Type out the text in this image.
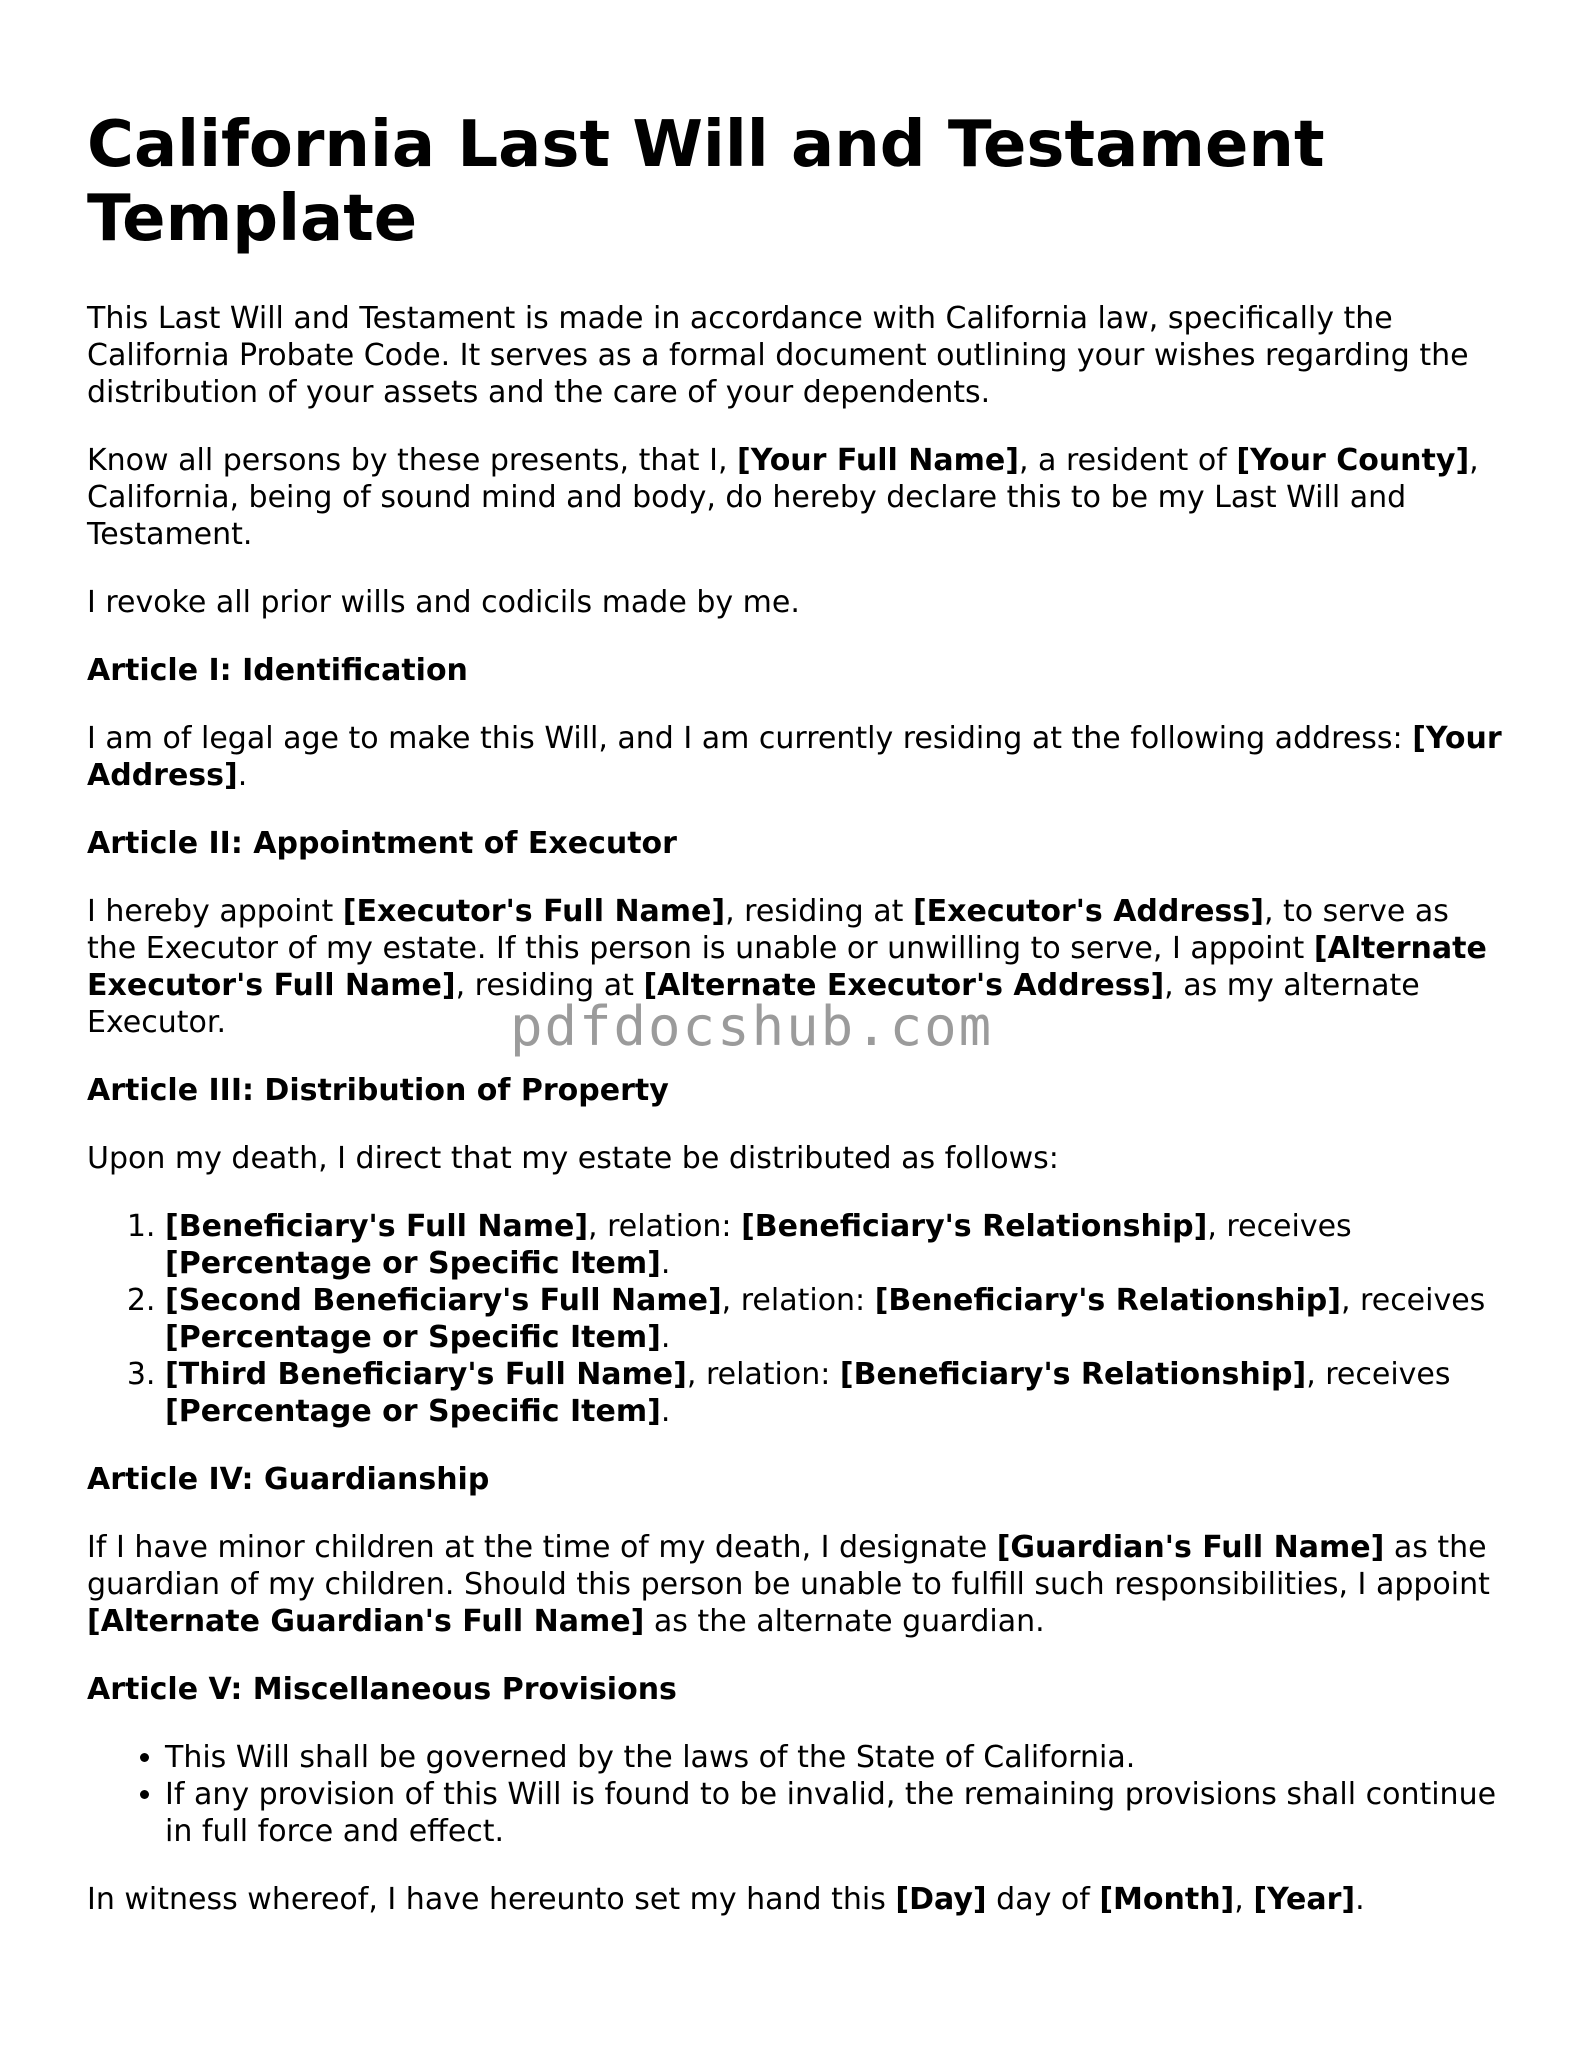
California Last Will and Testament Template

This Last Will and Testament is made in accordance with California law, specifically the California Probate Code. It serves as a formal document outlining your wishes regarding the distribution of your assets and the care of your dependents.

Know all persons by these presents, that I, [Your Full Name], a resident of [Your County], California, being of sound mind and body, do hereby declare this to be my Last Will and Testament.

I revoke all prior wills and codicils made by me.

Article I: Identification

I am of legal age to make this Will, and I am currently residing at the following address: [Your Address].

Article II: Appointment of Executor

I hereby appoint [Executor's Full Name], residing at [Executor's Address], to serve as the Executor of my estate. If this person is unable or unwilling to serve, I appoint [Alternate Executor's Full Name], residing at [Alternate Executor's Address], as my alternate Executor.

Article III: Distribution of Property

Upon my death, I direct that my estate be distributed as follows:

1. [Beneficiary's Full Name], relation: [Beneficiary's Relationship], receives [Percentage or Specific Item].
2. [Second Beneficiary's Full Name], relation: [Beneficiary's Relationship], receives [Percentage or Specific Item].
3. [Third Beneficiary's Full Name], relation: [Beneficiary's Relationship], receives [Percentage or Specific Item].
Article IV: Guardianship

If I have minor children at the time of my death, I designate [Guardian's Full Name] as the guardian of my children. Should this person be unable to fulfill such responsibilities, I appoint [Alternate Guardian's Full Name] as the alternate guardian.

Article V: Miscellaneous Provisions
• This Will shall be governed by the laws of the State of California.
• If any provision of this Will is found to be invalid, the remaining provisions shall continue in full force and effect.

In witness whereof, I have hereunto set my hand this [Day] day of [Month], [Year].

pdfdocshub.com
